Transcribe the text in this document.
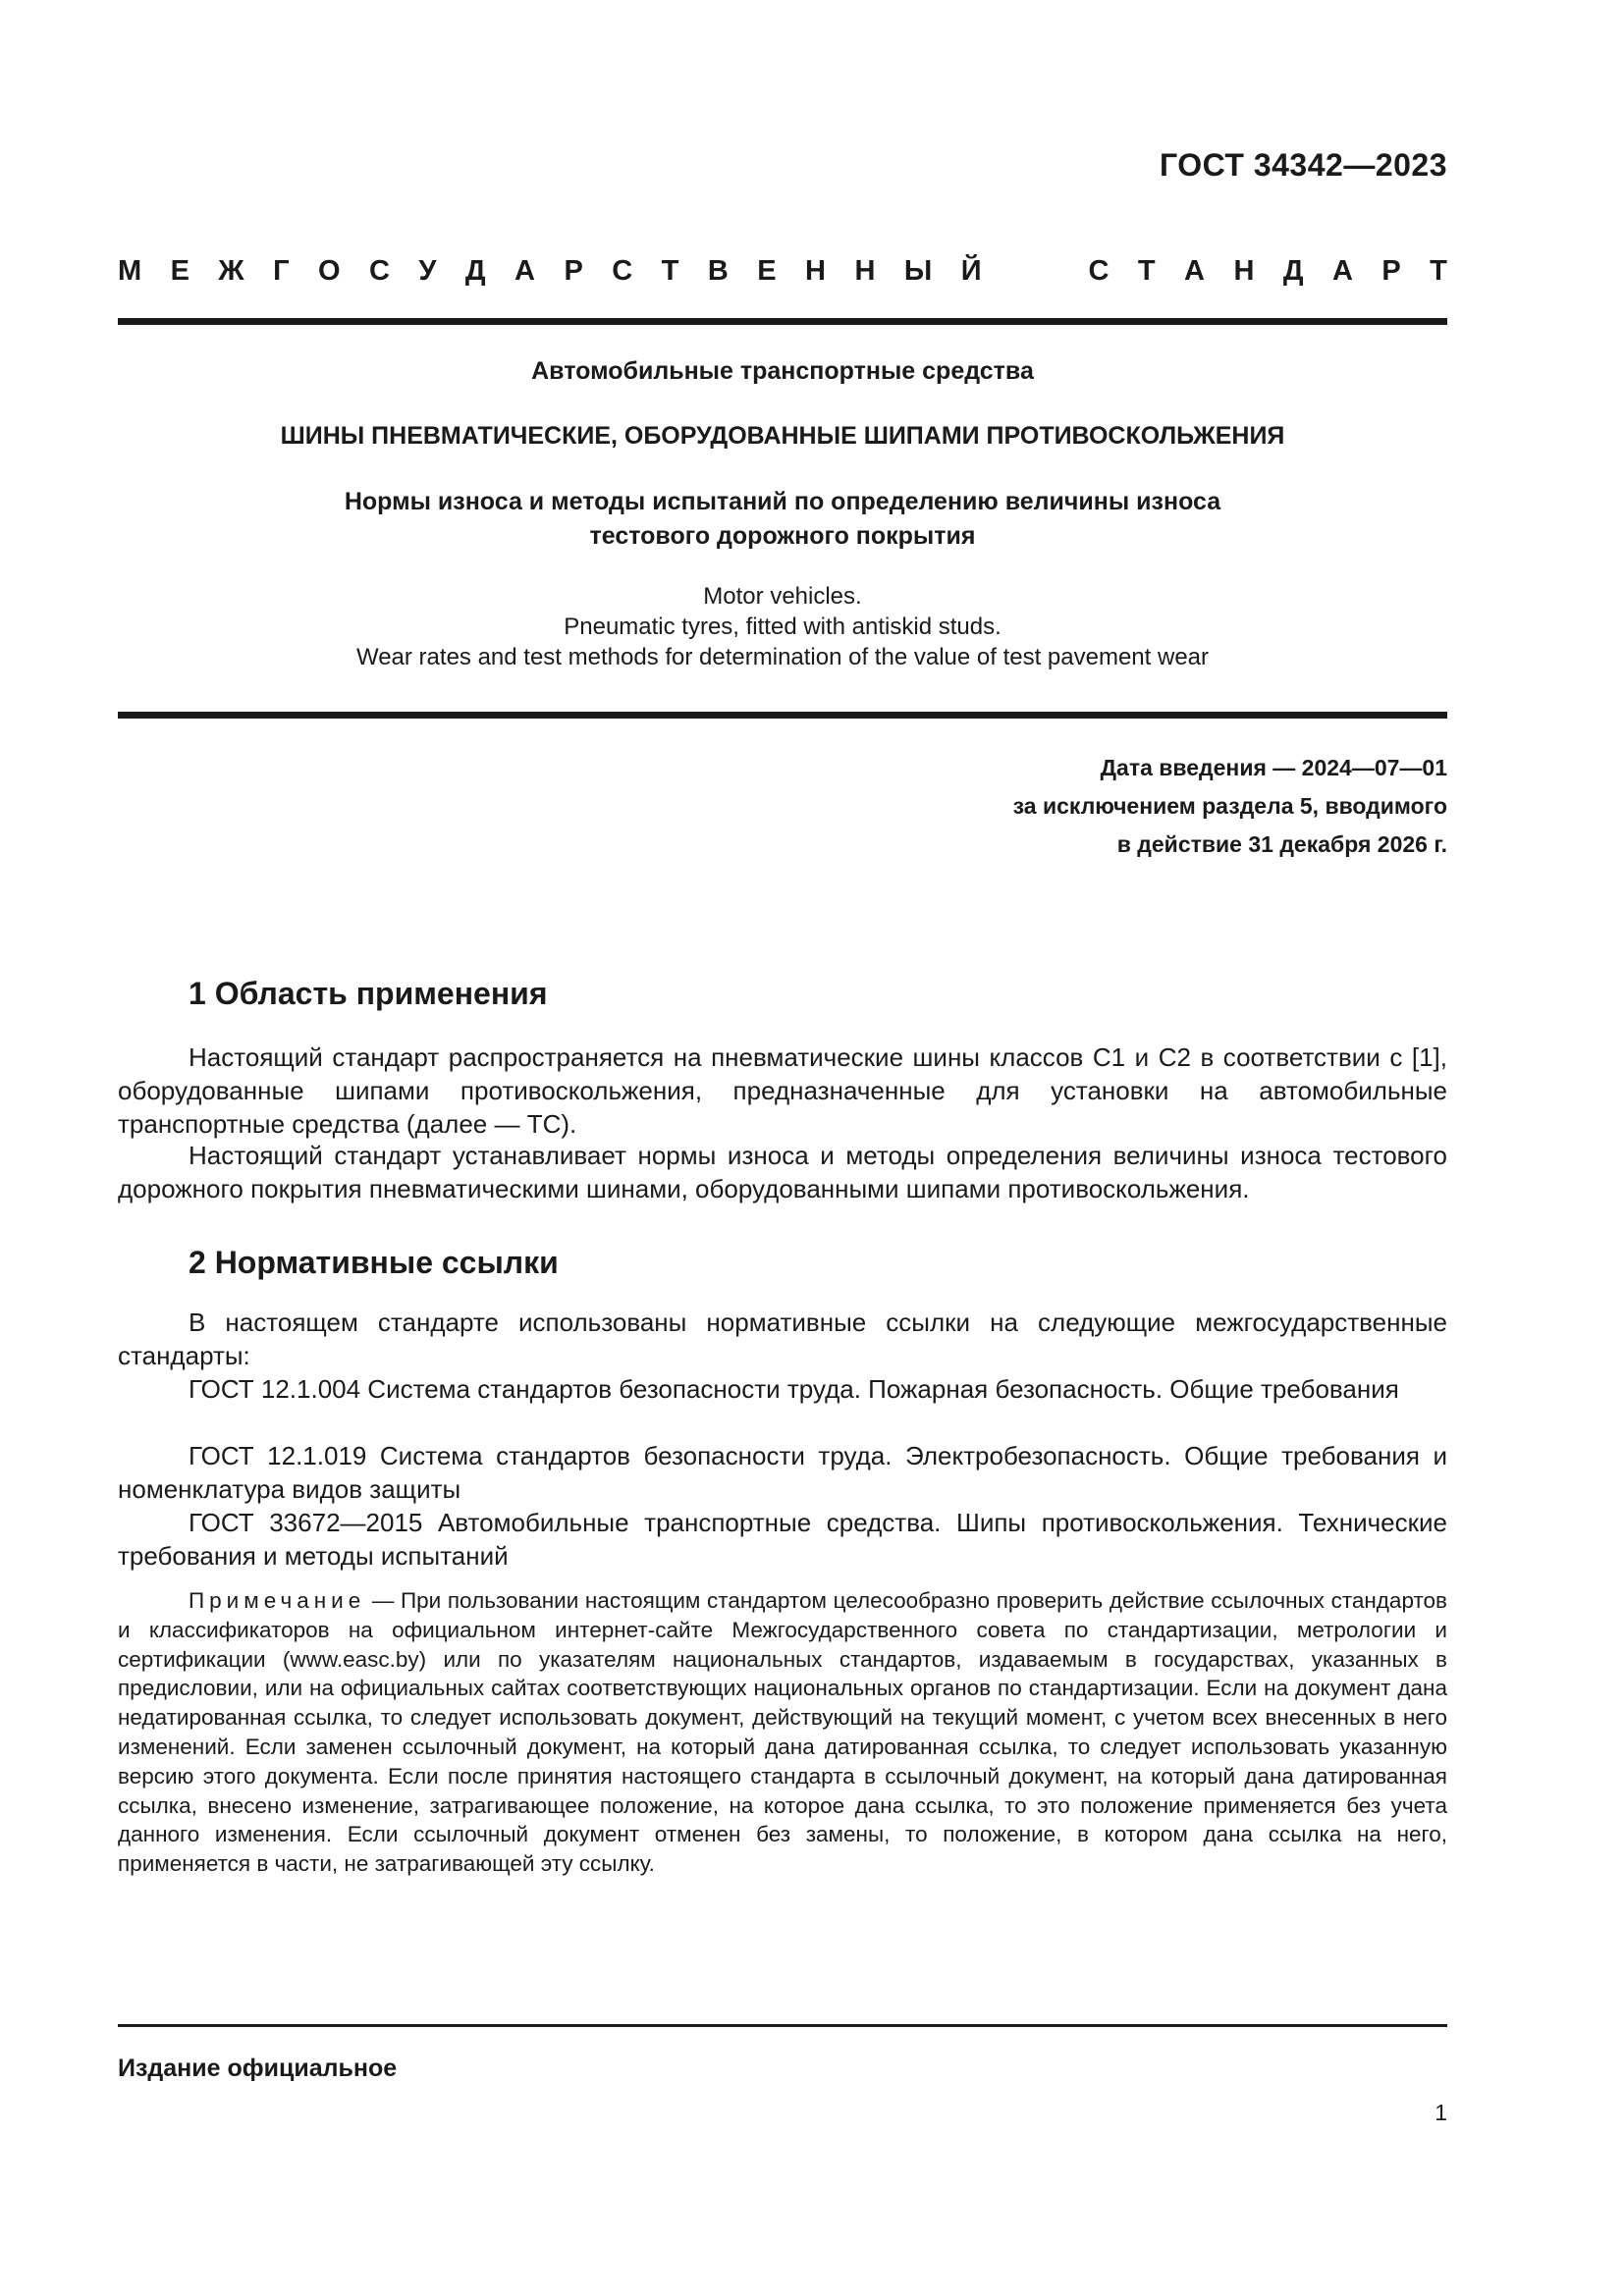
ГОСТ 34342—2023
М Е Ж Г О С У Д А Р С Т В Е Н Н Ы Й	С Т А Н Д А Р Т
Автомобильные транспортные средства
ШИНЫ ПНЕВМАТИЧЕСКИЕ, ОБОРУДОВАННЫЕ ШИПАМИ ПРОТИВОСКОЛЬЖЕНИЯ
Нормы износа и методы испытаний по определению величины износа
тестового дорожного покрытия
Motor vehicles.
Pneumatic tyres, fitted with antiskid studs.
Wear rates and test methods for determination of the value of test pavement wear
Дата введения — 2024—07—01
за исключением раздела 5, вводимого
в действие 31 декабря 2026 г.
1 Область применения

Настоящий стандарт распространяется на пневматические шины классов С1 и С2 в соответствии с [1], оборудованные шипами противоскольжения, предназначенные для установки на автомобильные транспортные средства (далее — ТС).

Настоящий стандарт устанавливает нормы износа и методы определения величины износа тестового дорожного покрытия пневматическими шинами, оборудованными шипами противоскольжения.

2 Нормативные ссылки

В настоящем стандарте использованы нормативные ссылки на следующие межгосударственные стандарты:

ГОСТ 12.1.004 Система стандартов безопасности труда. Пожарная безопасность. Общие требования

ГОСТ 12.1.019 Система стандартов безопасности труда. Электробезопасность. Общие требования и номенклатура видов защиты

ГОСТ 33672—2015 Автомобильные транспортные средства. Шипы противоскольжения. Технические требования и методы испытаний

Примечание — При пользовании настоящим стандартом целесообразно проверить действие ссылочных стандартов и классификаторов на официальном интернет-сайте Межгосударственного совета по стандартизации, метрологии и сертификации (www.easc.by) или по указателям национальных стандартов, издаваемым в государствах, указанных в предисловии, или на официальных сайтах соответствующих национальных органов по стандартизации. Если на документ дана недатированная ссылка, то следует использовать документ, действующий на текущий момент, с учетом всех внесенных в него изменений. Если заменен ссылочный документ, на который дана датированная ссылка, то следует использовать указанную версию этого документа. Если после принятия настоящего стандарта в ссылочный документ, на который дана датированная ссылка, внесено изменение, затрагивающее положение, на которое дана ссылка, то это положение применяется без учета данного изменения. Если ссылочный документ отменен без замены, то положение, в котором дана ссылка на него, применяется в части, не затрагивающей эту ссылку.

Издание официальное
1
